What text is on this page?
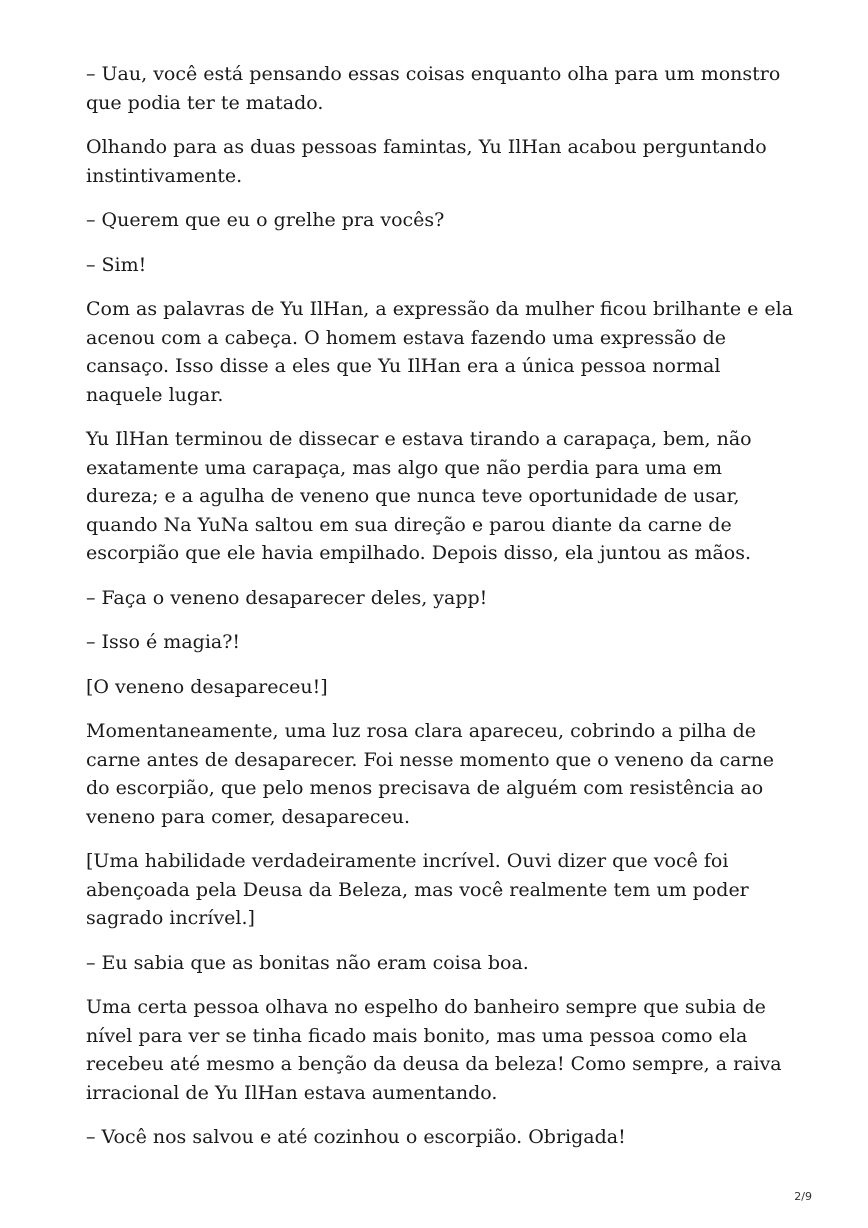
– Uau, você está pensando essas coisas enquanto olha para um monstro que podia ter te matado.

Olhando para as duas pessoas famintas, Yu IlHan acabou perguntando instintivamente.

– Querem que eu o grelhe pra vocês?

– Sim!

Com as palavras de Yu IlHan, a expressão da mulher ficou brilhante e ela acenou com a cabeça. O homem estava fazendo uma expressão de cansaço. Isso disse a eles que Yu IlHan era a única pessoa normal naquele lugar.

Yu IlHan terminou de dissecar e estava tirando a carapaça, bem, não exatamente uma carapaça, mas algo que não perdia para uma em dureza; e a agulha de veneno que nunca teve oportunidade de usar, quando Na YuNa saltou em sua direção e parou diante da carne de escorpião que ele havia empilhado. Depois disso, ela juntou as mãos.

– Faça o veneno desaparecer deles, yapp!

– Isso é magia?!

[O veneno desapareceu!]

Momentaneamente, uma luz rosa clara apareceu, cobrindo a pilha de carne antes de desaparecer. Foi nesse momento que o veneno da carne do escorpião, que pelo menos precisava de alguém com resistência ao veneno para comer, desapareceu.

[Uma habilidade verdadeiramente incrível. Ouvi dizer que você foi abençoada pela Deusa da Beleza, mas você realmente tem um poder sagrado incrível.]

– Eu sabia que as bonitas não eram coisa boa.

Uma certa pessoa olhava no espelho do banheiro sempre que subia de nível para ver se tinha ficado mais bonito, mas uma pessoa como ela recebeu até mesmo a benção da deusa da beleza! Como sempre, a raiva irracional de Yu IlHan estava aumentando.

– Você nos salvou e até cozinhou o escorpião. Obrigada!

2/9
